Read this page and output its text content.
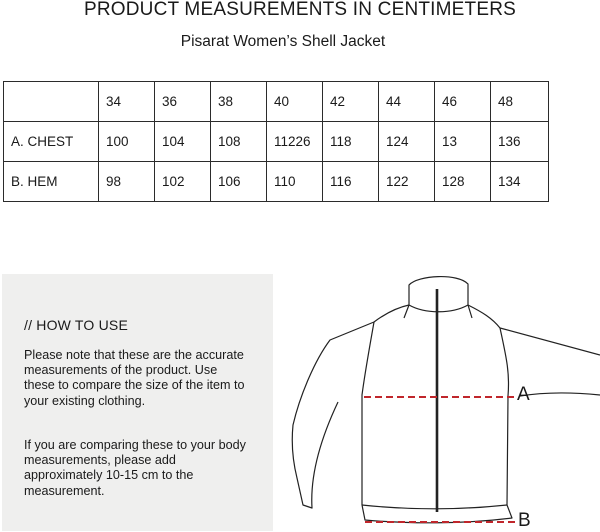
PRODUCT MEASUREMENTS IN CENTIMETERS
Pisarat Women’s Shell Jacket
	34	36	38	40	42	44	46	48
A. CHEST	100	104	108	11226	118	124	13	136
B. HEM	98	102	106	110	116	122	128	134
// HOW TO USE

Please note that these are the accurate measurements of the product. Use these to compare the size of the item to your existing clothing.

If you are comparing these to your body measurements, please add approximately 10-15 cm to the measurement.

A
B
